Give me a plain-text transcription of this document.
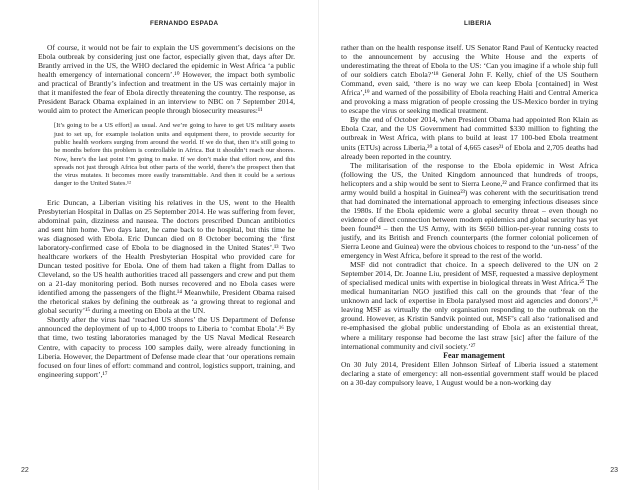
FERNANDO ESPADA

Of course, it would not be fair to explain the US government’s decisions on the Ebola outbreak by considering just one factor, especially given that, days after Dr. Brantly arrived in the US, the WHO declared the epidemic in West Africa ‘a public health emergency of international concern’.¹⁰ However, the impact both symbolic and practical of Brantly’s infection and treatment in the US was certainly major in that it manifested the fear of Ebola directly threatening the country. The response, as President Barack Obama explained in an interview to NBC on 7 September 2014, would aim to protect the American people through biosecurity measures:¹¹

[It’s going to be a US effort] as usual. And we’re going to have to get US military assets just to set up, for example isolation units and equipment there, to provide security for public health workers surging from around the world. If we do that, then it’s still going to be months before this problem is controllable in Africa. But it shouldn’t reach our shores. Now, here’s the last point I’m going to make. If we don’t make that effort now, and this spreads not just through Africa but other parts of the world, there’s the prospect then that the virus mutates. It becomes more easily transmittable. And then it could be a serious danger to the United States.¹²

Eric Duncan, a Liberian visiting his relatives in the US, went to the Health Presbyterian Hospital in Dallas on 25 September 2014. He was suffering from fever, abdominal pain, dizziness and nausea. The doctors prescribed Duncan antibiotics and sent him home. Two days later, he came back to the hospital, but this time he was diagnosed with Ebola. Eric Duncan died on 8 October becoming the ‘first laboratory-confirmed case of Ebola to be diagnosed in the United States’.¹³ Two healthcare workers of the Health Presbyterian Hospital who provided care for Duncan tested positive for Ebola. One of them had taken a flight from Dallas to Cleveland, so the US health authorities traced all passengers and crew and put them on a 21-day monitoring period. Both nurses recovered and no Ebola cases were identified among the passengers of the flight.¹⁴ Meanwhile, President Obama raised the rhetorical stakes by defining the outbreak as ‘a growing threat to regional and global security’¹⁵ during a meeting on Ebola at the UN.

Shortly after the virus had ‘reached US shores’ the US Department of Defense announced the deployment of up to 4,000 troops to Liberia to ‘combat Ebola’.¹⁶ By that time, two testing laboratories managed by the US Naval Medical Research Centre, with capacity to process 100 samples daily, were already functioning in Liberia. However, the Department of Defense made clear that ‘our operations remain focused on four lines of effort: command and control, logistics support, training, and engineering support’,¹⁷

22
LIBERIA

rather than on the health response itself. US Senator Rand Paul of Kentucky reacted to the announcement by accusing the White House and the experts of underestimating the threat of Ebola to the US: ‘Can you imagine if a whole ship full of our soldiers catch Ebola?’¹⁸ General John F. Kelly, chief of the US Southern Command, even said, ‘there is no way we can keep Ebola [contained] in West Africa’,¹⁹ and warned of the possibility of Ebola reaching Haiti and Central America and provoking a mass migration of people crossing the US-Mexico border in trying to escape the virus or seeking medical treatment.

By the end of October 2014, when President Obama had appointed Ron Klain as Ebola Czar, and the US Government had committed $330 million to fighting the outbreak in West Africa, with plans to build at least 17 100-bed Ebola treatment units (ETUs) across Liberia,²⁰ a total of 4,665 cases²¹ of Ebola and 2,705 deaths had already been reported in the country.

The militarisation of the response to the Ebola epidemic in West Africa (following the US, the United Kingdom announced that hundreds of troops, helicopters and a ship would be sent to Sierra Leone,²² and France confirmed that its army would build a hospital in Guinea²³) was coherent with the securitisation trend that had dominated the international approach to emerging infectious diseases since the 1980s. If the Ebola epidemic were a global security threat – even though no evidence of direct connection between modern epidemics and global security has yet been found²⁴ – then the US Army, with its $650 billion-per-year running costs to justify, and its British and French counterparts (the former colonial policemen of Sierra Leone and Guinea) were the obvious choices to respond to the ‘un-ness’ of the emergency in West Africa, before it spread to the rest of the world.

MSF did not contradict that choice. In a speech delivered to the UN on 2 September 2014, Dr. Joanne Liu, president of MSF, requested a massive deployment of specialised medical units with expertise in biological threats in West Africa.²⁵ The medical humanitarian NGO justified this call on the grounds that ‘fear of the unknown and lack of expertise in Ebola paralysed most aid agencies and donors’,²⁶ leaving MSF as virtually the only organisation responding to the outbreak on the ground. However, as Kristin Sandvik pointed out, MSF’s call also ‘rationalised and re-emphasised the global public understanding of Ebola as an existential threat, where a military response had become the last straw [sic] after the failure of the international community and civil society.’²⁷

Fear management

On 30 July 2014, President Ellen Johnson Sirleaf of Liberia issued a statement declaring a state of emergency: all non-essential government staff would be placed on a 30-day compulsory leave, 1 August would be a non-working day

23
